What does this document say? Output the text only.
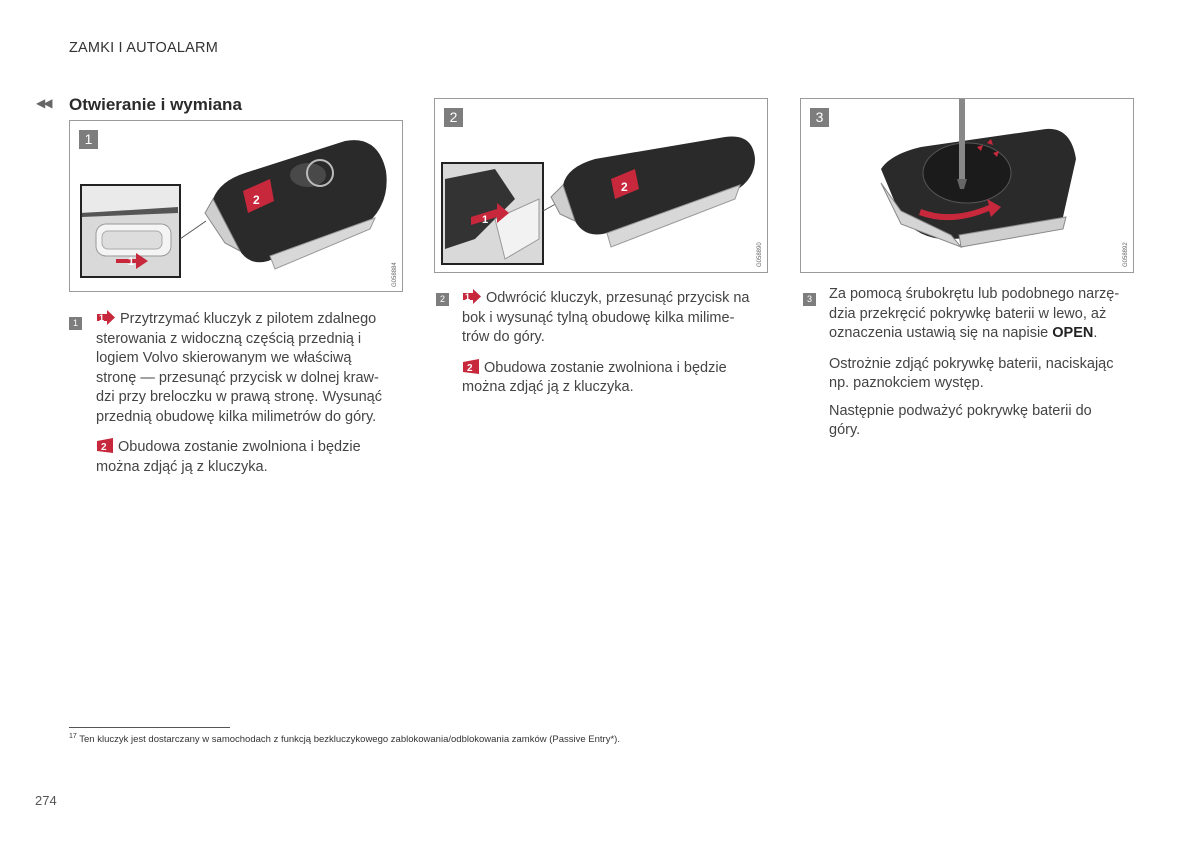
ZAMKI I AUTOALARM
◀◀ Otwieranie i wymiana
1
1
2
G058884
2
1
2
G058890
3
G058892
1	1 Przytrzymać kluczyk z pilotem zdalnego
sterowania z widoczną częścią przednią i
logiem Volvo skierowanym we właściwą
stronę — przesunąć przycisk w dolnej kraw-
dzi przy breloczku w prawą stronę. Wysunąć
przednią obudowę kilka milimetrów do góry.

2 Obudowa zostanie zwolniona i będzie
można zdjąć ją z kluczyka.

2	1 Odwrócić kluczyk, przesunąć przycisk na
bok i wysunąć tylną obudowę kilka milime-
trów do góry.

2 Obudowa zostanie zwolniona i będzie
można zdjąć ją z kluczyka.

3 Za pomocą śrubokrętu lub podobnego narzę-
dzia przekręcić pokrywkę baterii w lewo, aż
oznaczenia ustawią się na napisie OPEN.

Ostrożnie zdjąć pokrywkę baterii, naciskając
np. paznokciem występ.

Następnie podważyć pokrywkę baterii do
góry.

$^{17}$ Ten kluczyk jest dostarczany w samochodach z funkcją bezkluczykowego zablokowania/odblokowania zamków (Passive Entry*).
274
